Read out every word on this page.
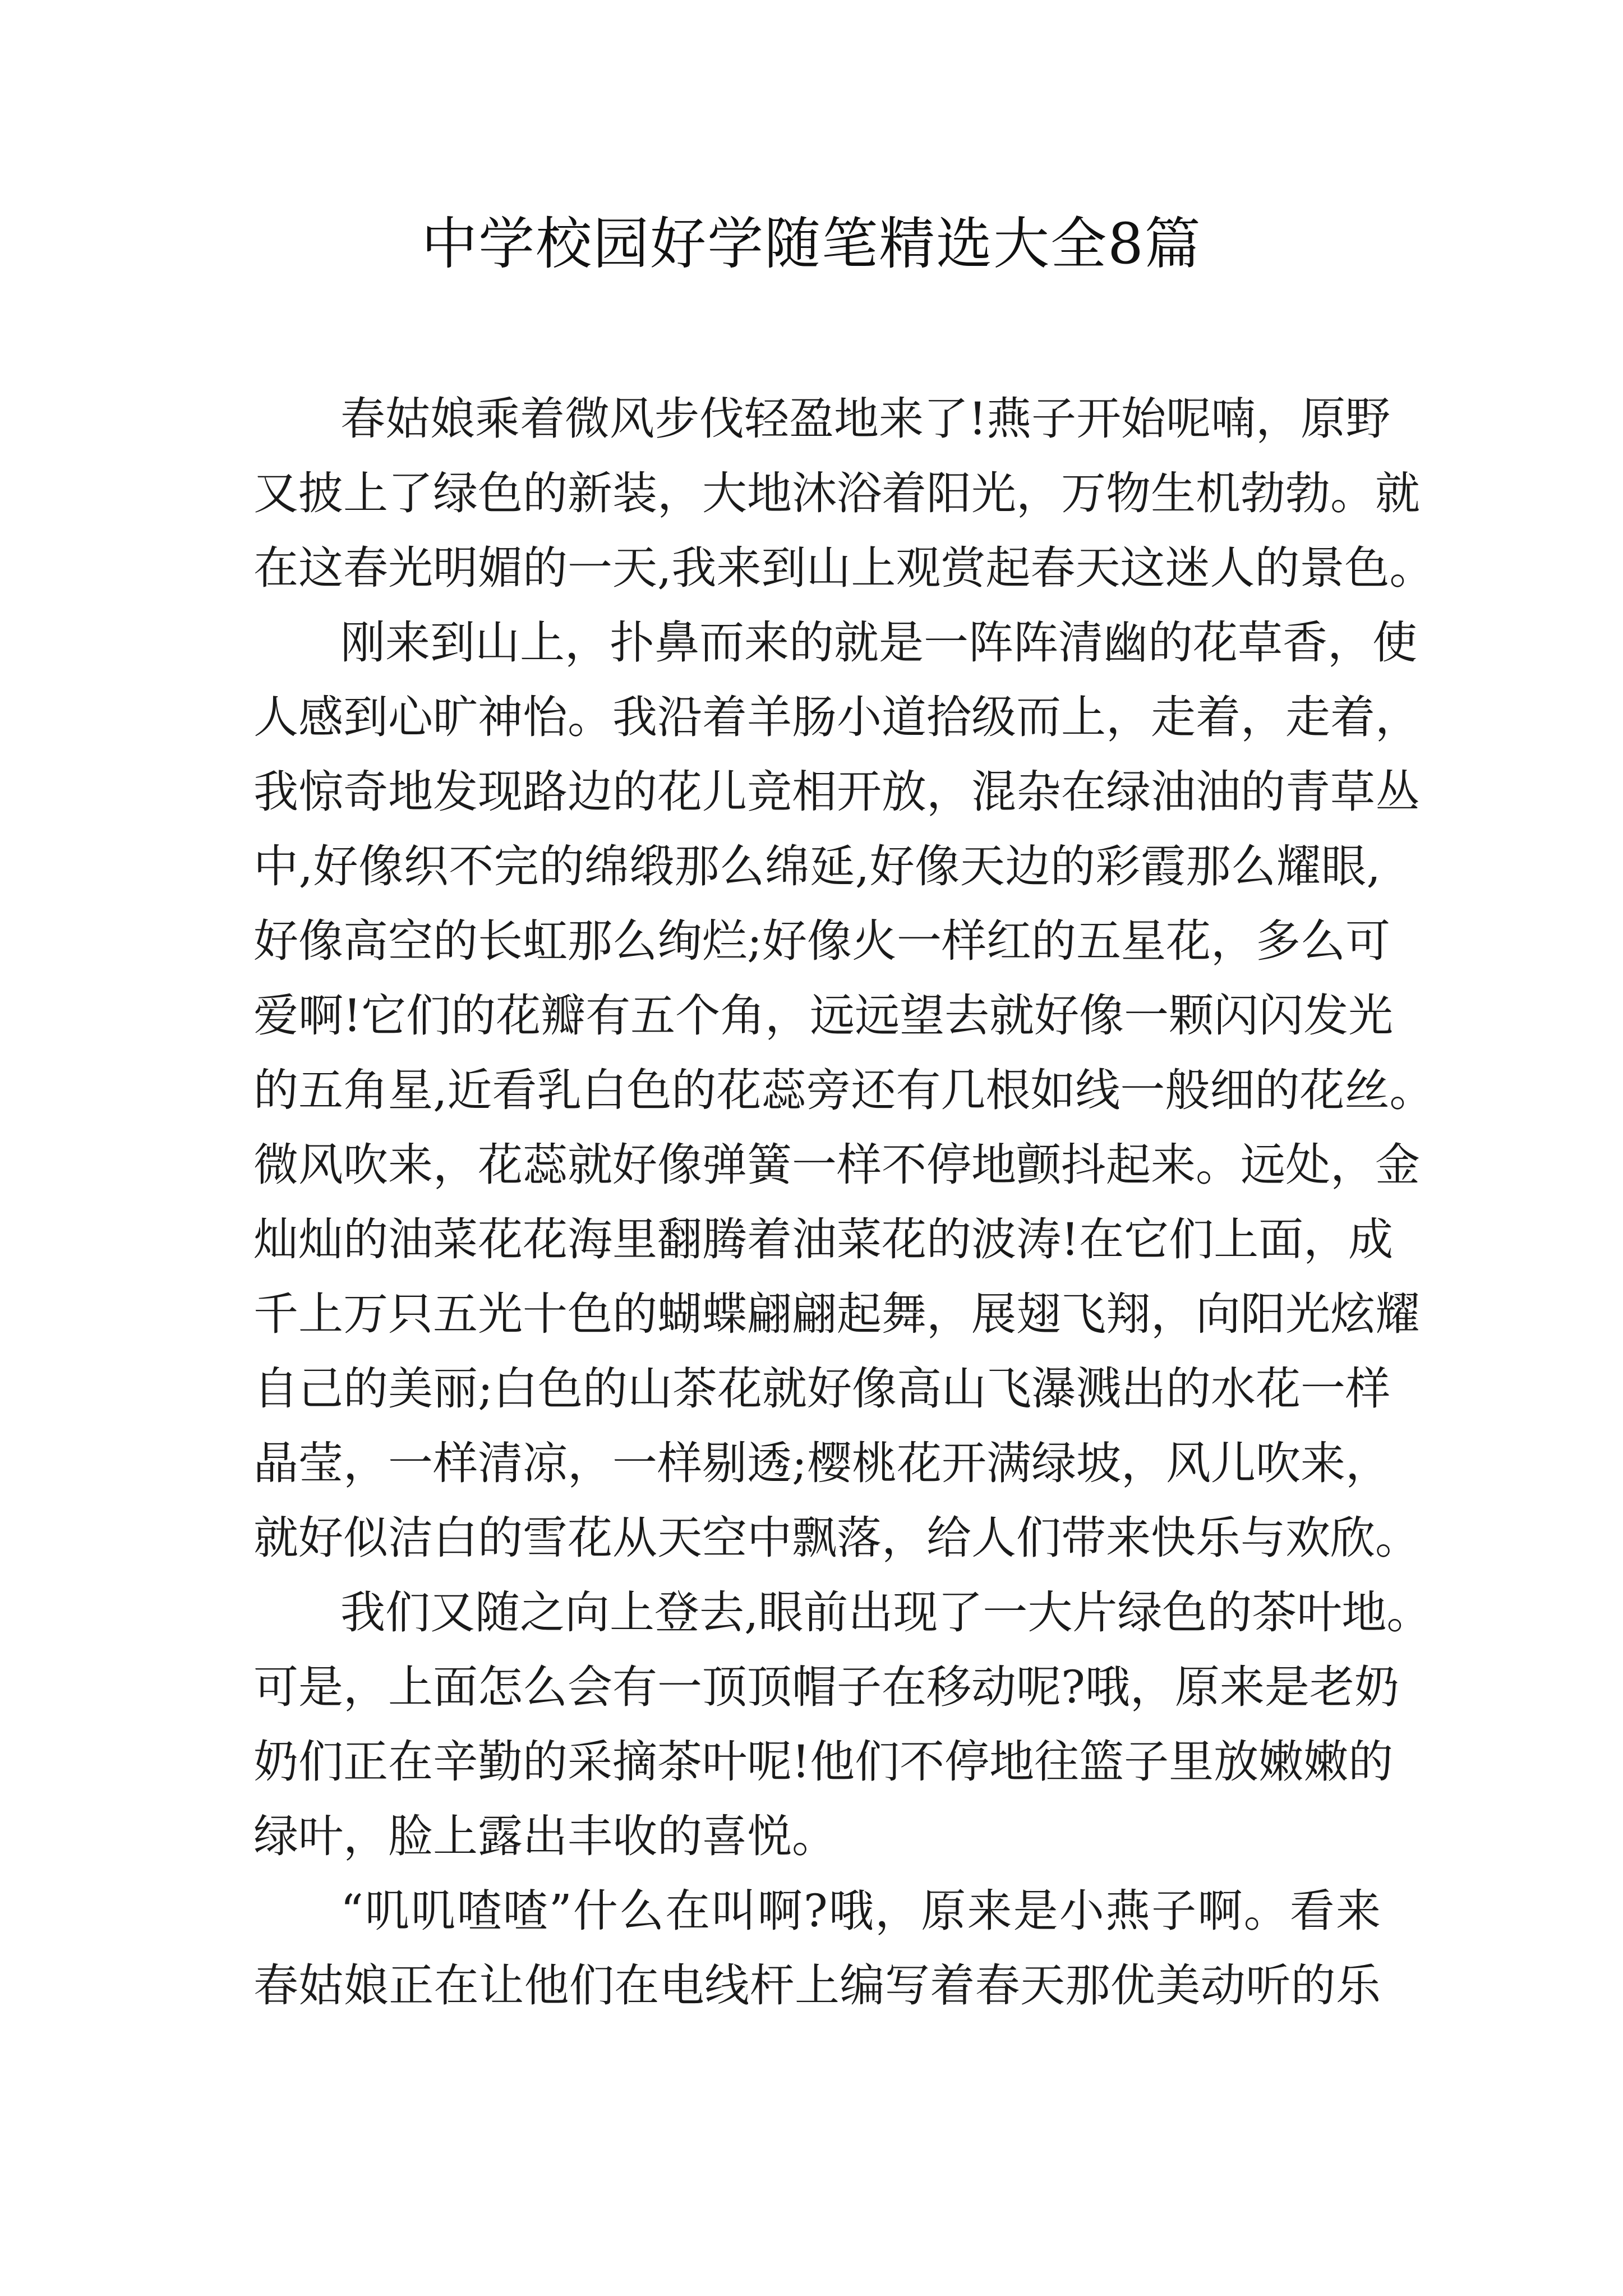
中学校园好学随笔精选大全8篇
春姑娘乘着微风步伐轻盈地来了!燕子开始呢喃，原野
又披上了绿色的新装，大地沐浴着阳光，万物生机勃勃。就
在这春光明媚的一天,我来到山上观赏起春天这迷人的景色。
刚来到山上，扑鼻而来的就是一阵阵清幽的花草香，使
人感到心旷神怡。我沿着羊肠小道拾级而上，走着，走着，
我惊奇地发现路边的花儿竞相开放，混杂在绿油油的青草丛
中,好像织不完的绵缎那么绵延,好像天边的彩霞那么耀眼,
好像高空的长虹那么绚烂;好像火一样红的五星花，多么可
爱啊!它们的花瓣有五个角，远远望去就好像一颗闪闪发光
的五角星,近看乳白色的花蕊旁还有几根如线一般细的花丝。
微风吹来，花蕊就好像弹簧一样不停地颤抖起来。远处，金
灿灿的油菜花花海里翻腾着油菜花的波涛!在它们上面，成
千上万只五光十色的蝴蝶翩翩起舞，展翅飞翔，向阳光炫耀
自己的美丽;白色的山茶花就好像高山飞瀑溅出的水花一样
晶莹，一样清凉，一样剔透;樱桃花开满绿坡，风儿吹来，
就好似洁白的雪花从天空中飘落，给人们带来快乐与欢欣。
我们又随之向上登去,眼前出现了一大片绿色的茶叶地。
可是，上面怎么会有一顶顶帽子在移动呢?哦，原来是老奶
奶们正在辛勤的采摘茶叶呢!他们不停地往篮子里放嫩嫩的
绿叶，脸上露出丰收的喜悦。
“叽叽喳喳”什么在叫啊?哦，原来是小燕子啊。看来
春姑娘正在让他们在电线杆上编写着春天那优美动听的乐
